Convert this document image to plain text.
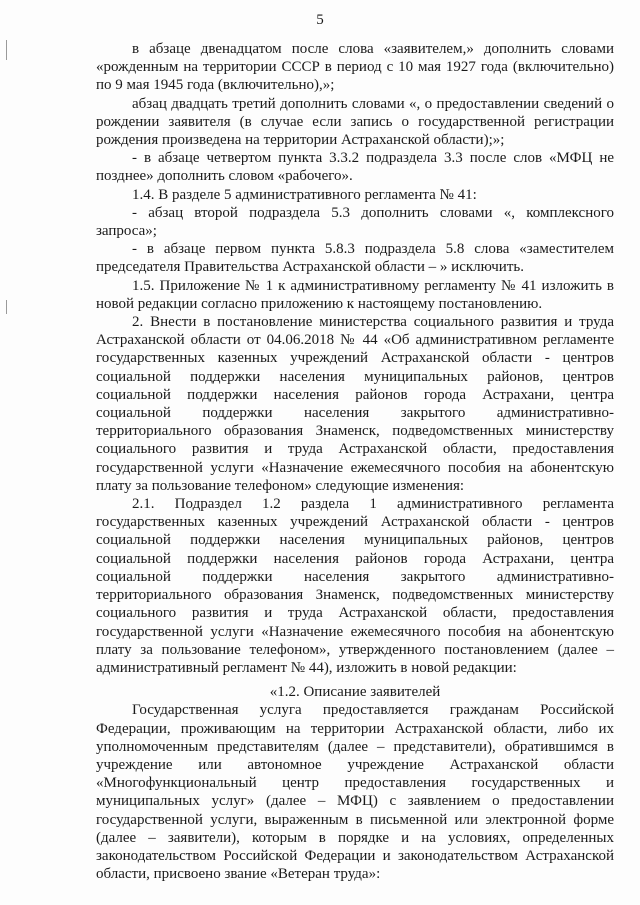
5

в абзаце двенадцатом после слова «заявителем,» дополнить словами «рожденным на территории СССР в период с 10 мая 1927 года (включительно) по 9 мая 1945 года (включительно),»;

абзац двадцать третий дополнить словами «, о предоставлении сведений о рождении заявителя (в случае если запись о государственной регистрации рождения произведена на территории Астраханской области);»;

- в абзаце четвертом пункта 3.3.2 подраздела 3.3 после слов «МФЦ не позднее» дополнить словом «рабочего».

1.4. В разделе 5 административного регламента № 41:

- абзац второй подраздела 5.3 дополнить словами «, комплексного запроса»;

- в абзаце первом пункта 5.8.3 подраздела 5.8 слова «заместителем председателя Правительства Астраханской области – » исключить.

1.5. Приложение № 1 к административному регламенту № 41 изложить в новой редакции согласно приложению к настоящему постановлению.

2. Внести в постановление министерства социального развития и труда Астраханской области от 04.06.2018 № 44 «Об административном регламенте государственных казенных учреждений Астраханской области - центров социальной поддержки населения муниципальных районов, центров социальной поддержки населения районов города Астрахани, центра социальной поддержки населения закрытого административно-территориального образования Знаменск, подведомственных министерству социального развития и труда Астраханской области, предоставления государственной услуги «Назначение ежемесячного пособия на абонентскую плату за пользование телефоном» следующие изменения:

2.1. Подраздел 1.2 раздела 1 административного регламента государственных казенных учреждений Астраханской области - центров социальной поддержки населения муниципальных районов, центров социальной поддержки населения районов города Астрахани, центра социальной поддержки населения закрытого административно-территориального образования Знаменск, подведомственных министерству социального развития и труда Астраханской области, предоставления государственной услуги «Назначение ежемесячного пособия на абонентскую плату за пользование телефоном», утвержденного постановлением (далее – административный регламент № 44), изложить в новой редакции:

«1.2. Описание заявителей

Государственная услуга предоставляется гражданам Российской Федерации, проживающим на территории Астраханской области, либо их уполномоченным представителям (далее – представители), обратившимся в учреждение или автономное учреждение Астраханской области «Многофункциональный центр предоставления государственных и муниципальных услуг» (далее – МФЦ) с заявлением о предоставлении государственной услуги, выраженным в письменной или электронной форме (далее – заявители), которым в порядке и на условиях, определенных законодательством Российской Федерации и законодательством Астраханской области, присвоено звание «Ветеран труда»:
